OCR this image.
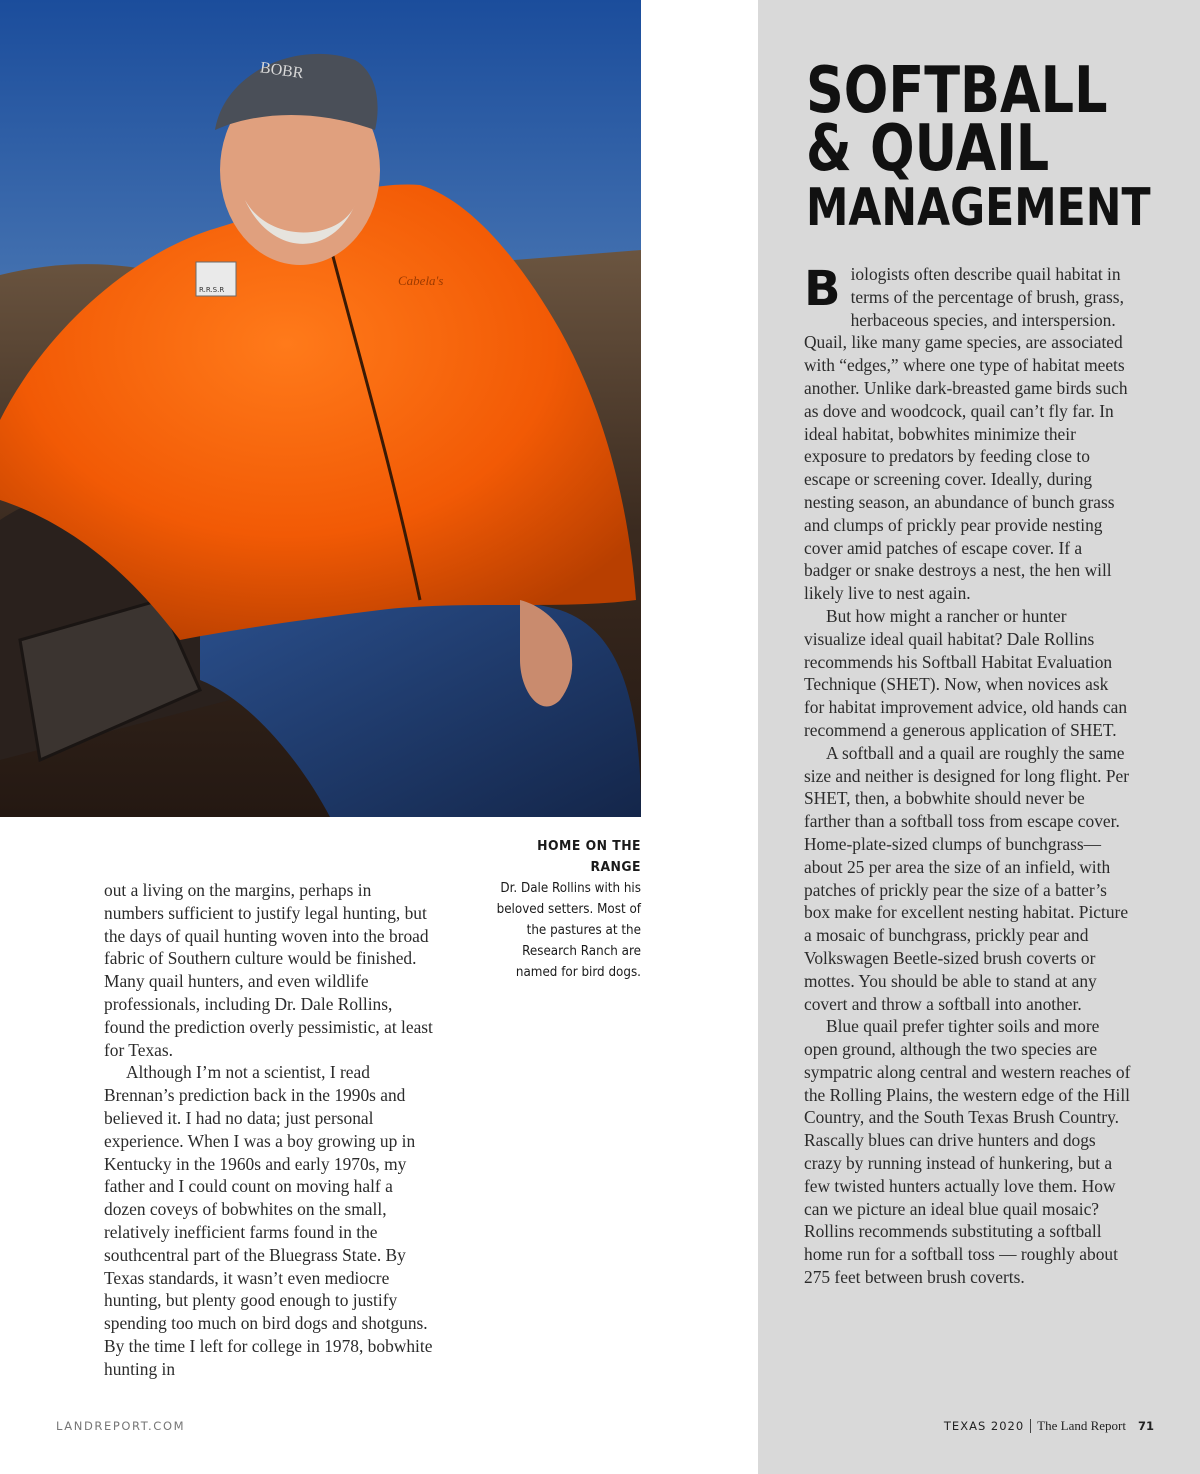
BOBR
Cabela's
R.R.S.R
SOFTBALL
& QUAIL
MANAGEMENT

Biologists often describe quail habitat in terms of the percentage of brush, grass, herbaceous species, and interspersion. Quail, like many game species, are associated with “edges,” where one type of habitat meets another. Unlike dark-breasted game birds such as dove and woodcock, quail can’t fly far. In ideal habitat, bobwhites minimize their exposure to predators by feeding close to escape or screening cover. Ideally, during nesting season, an abundance of bunch grass and clumps of prickly pear provide nesting cover amid patches of escape cover. If a badger or snake destroys a nest, the hen will likely live to nest again.

But how might a rancher or hunter visualize ideal quail habitat? Dale Rollins recommends his Softball Habitat Evaluation Technique (SHET). Now, when novices ask for habitat improvement advice, old hands can recommend a generous application of SHET.

A softball and a quail are roughly the same size and neither is designed for long flight. Per SHET, then, a bobwhite should never be farther than a softball toss from escape cover. Home-plate-sized clumps of bunchgrass—about 25 per area the size of an infield, with patches of prickly pear the size of a batter’s box make for excellent nesting habitat. Picture a mosaic of bunchgrass, prickly pear and Volkswagen Beetle-sized brush coverts or mottes. You should be able to stand at any covert and throw a softball into another.

Blue quail prefer tighter soils and more open ground, although the two species are sympatric along central and western reaches of the Rolling Plains, the western edge of the Hill Country, and the South Texas Brush Country. Rascally blues can drive hunters and dogs crazy by running instead of hunkering, but a few twisted hunters actually love them. How can we picture an ideal blue quail mosaic? Rollins recommends substituting a softball home run for a softball toss — roughly about 275 feet between brush coverts.

HOME ON THE RANGE
Dr. Dale Rollins with his beloved setters. Most of the pastures at the Research Ranch are named for bird dogs.

out a living on the margins, perhaps in numbers sufficient to justify legal hunting, but the days of quail hunting woven into the broad fabric of Southern culture would be finished. Many quail hunters, and even wildlife professionals, including Dr. Dale Rollins, found the prediction overly pessimistic, at least for Texas.

Although I’m not a scientist, I read Brennan’s prediction back in the 1990s and believed it. I had no data; just personal experience. When I was a boy growing up in Kentucky in the 1960s and early 1970s, my father and I could count on moving half a dozen coveys of bobwhites on the small, relatively inefficient farms found in the southcentral part of the Bluegrass State. By Texas standards, it wasn’t even mediocre hunting, but plenty good enough to justify spending too much on bird dogs and shotguns. By the time I left for college in 1978, bobwhite hunting in

LANDREPORT.COM	TEXAS 2020 The Land Report 71
